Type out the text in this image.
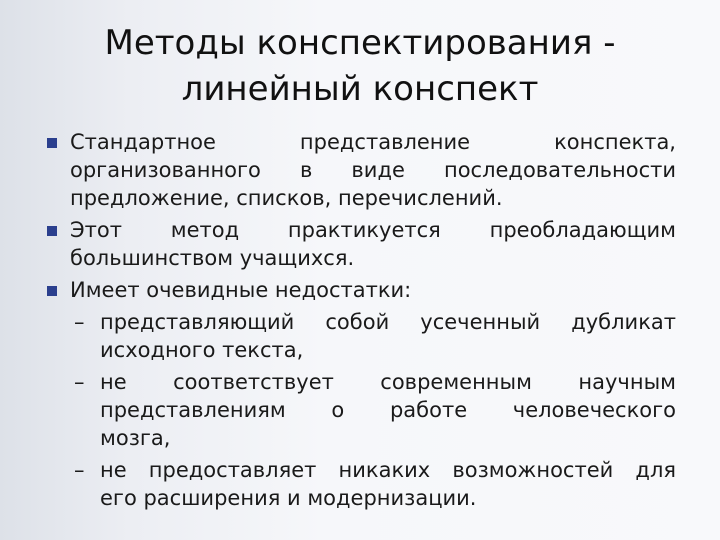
Методы конспектирования -
линейный конспект
Стандартное представление конспекта,
организованного в виде последовательности
предложение, списков, перечислений.
Этот метод практикуется преобладающим
большинством учащихся.
Имеет очевидные недостатки:
– представляющий собой усеченный дубликат
исходного текста,
– не соответствует современным научным
представлениям о работе человеческого
мозга,
– не предоставляет никаких возможностей для
его расширения и модернизации.
